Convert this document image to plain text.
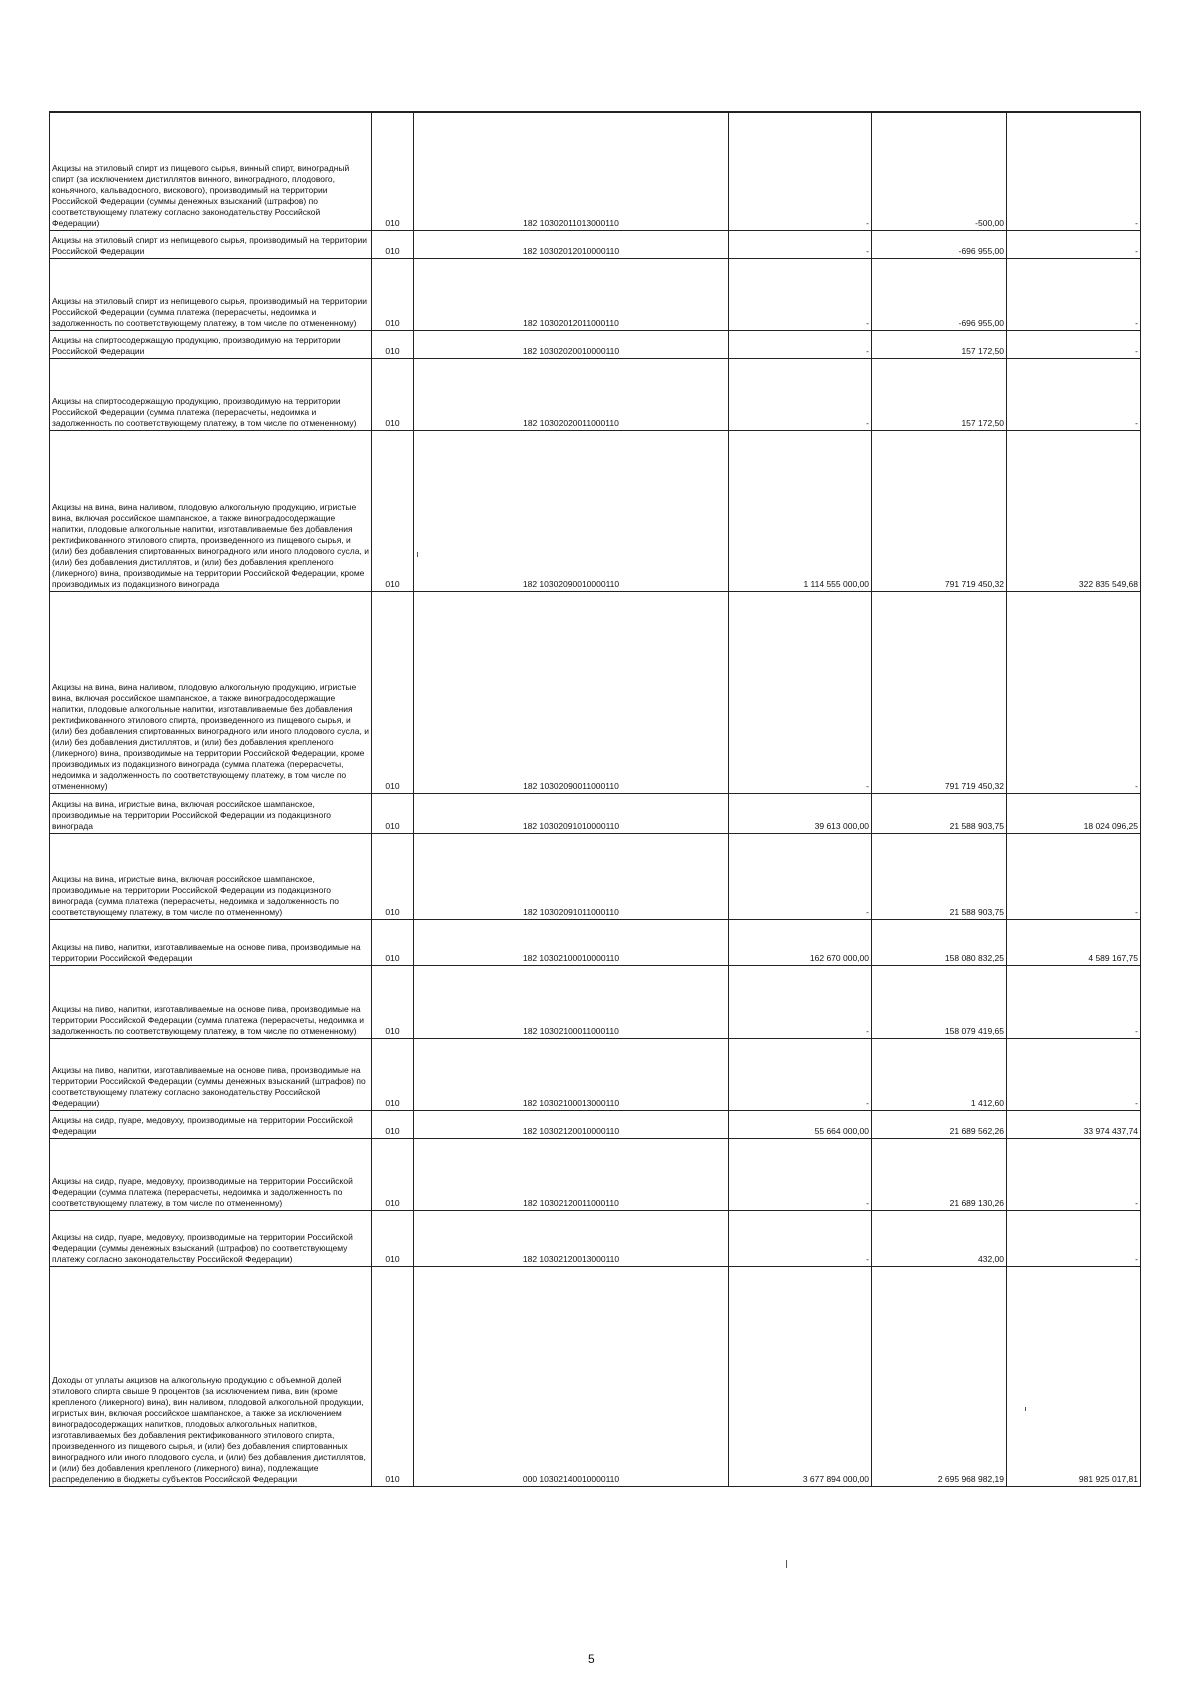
Акцизы на этиловый спирт из пищевого сырья, винный спирт, виноградный спирт (за исключением дистиллятов винного, виноградного, плодового, коньячного, кальвадосного, вискового), производимый на территории Российской Федерации (суммы денежных взысканий (штрафов) по соответствующему платежу согласно законодательству Российской Федерации)	010	182 10302011013000110	-	-500,00	-
Акцизы на этиловый спирт из непищевого сырья, производимый на территории Российской Федерации	010	182 10302012010000110	-	-696 955,00	-
Акцизы на этиловый спирт из непищевого сырья, производимый на территории Российской Федерации (сумма платежа (перерасчеты, недоимка и задолженность по соответствующему платежу, в том числе по отмененному)	010	182 10302012011000110	-	-696 955,00	-
Акцизы на спиртосодержащую продукцию, производимую на территории Российской Федерации	010	182 10302020010000110	-	157 172,50	-
Акцизы на спиртосодержащую продукцию, производимую на территории Российской Федерации (сумма платежа (перерасчеты, недоимка и задолженность по соответствующему платежу, в том числе по отмененному)	010	182 10302020011000110	-	157 172,50	-
Акцизы на вина, вина наливом, плодовую алкогольную продукцию, игристые вина, включая российское шампанское, а также виноградосодержащие напитки, плодовые алкогольные напитки, изготавливаемые без добавления ректификованного этилового спирта, произведенного из пищевого сырья, и (или) без добавления спиртованных виноградного или иного плодового сусла, и (или) без добавления дистиллятов, и (или) без добавления крепленого (ликерного) вина, производимые на территории Российской Федерации, кроме производимых из подакцизного винограда	010	182 10302090010000110	1 114 555 000,00	791 719 450,32	322 835 549,68
Акцизы на вина, вина наливом, плодовую алкогольную продукцию, игристые вина, включая российское шампанское, а также виноградосодержащие напитки, плодовые алкогольные напитки, изготавливаемые без добавления ректификованного этилового спирта, произведенного из пищевого сырья, и (или) без добавления спиртованных виноградного или иного плодового сусла, и (или) без добавления дистиллятов, и (или) без добавления крепленого (ликерного) вина, производимые на территории Российской Федерации, кроме производимых из подакцизного винограда (сумма платежа (перерасчеты, недоимка и задолженность по соответствующему платежу, в том числе по отмененному)	010	182 10302090011000110	-	791 719 450,32	-
Акцизы на вина, игристые вина, включая российское шампанское, производимые на территории Российской Федерации из подакцизного винограда	010	182 10302091010000110	39 613 000,00	21 588 903,75	18 024 096,25
Акцизы на вина, игристые вина, включая российское шампанское, производимые на территории Российской Федерации из подакцизного винограда (сумма платежа (перерасчеты, недоимка и задолженность по соответствующему платежу, в том числе по отмененному)	010	182 10302091011000110	-	21 588 903,75	-
Акцизы на пиво, напитки, изготавливаемые на основе пива, производимые на территории Российской Федерации	010	182 10302100010000110	162 670 000,00	158 080 832,25	4 589 167,75
Акцизы на пиво, напитки, изготавливаемые на основе пива, производимые на территории Российской Федерации (сумма платежа (перерасчеты, недоимка и задолженность по соответствующему платежу, в том числе по отмененному)	010	182 10302100011000110	-	158 079 419,65	-
Акцизы на пиво, напитки, изготавливаемые на основе пива, производимые на территории Российской Федерации (суммы денежных взысканий (штрафов) по соответствующему платежу согласно законодательству Российской Федерации)	010	182 10302100013000110	-	1 412,60	-
Акцизы на сидр, пуаре, медовуху, производимые на территории Российской Федерации	010	182 10302120010000110	55 664 000,00	21 689 562,26	33 974 437,74
Акцизы на сидр, пуаре, медовуху, производимые на территории Российской Федерации (сумма платежа (перерасчеты, недоимка и задолженность по соответствующему платежу, в том числе по отмененному)	010	182 10302120011000110	-	21 689 130,26	-
Акцизы на сидр, пуаре, медовуху, производимые на территории Российской Федерации (суммы денежных взысканий (штрафов) по соответствующему платежу согласно законодательству Российской Федерации)	010	182 10302120013000110	-	432,00	-
Доходы от уплаты акцизов на алкогольную продукцию с объемной долей этилового спирта свыше 9 процентов (за исключением пива, вин (кроме крепленого (ликерного) вина), вин наливом, плодовой алкогольной продукции, игристых вин, включая российское шампанское, а также за исключением виноградосодержащих напитков, плодовых алкогольных напитков, изготавливаемых без добавления ректификованного этилового спирта, произведенного из пищевого сырья, и (или) без добавления спиртованных виноградного или иного плодового сусла, и (или) без добавления дистиллятов, и (или) без добавления крепленого (ликерного) вина), подлежащие распределению в бюджеты субъектов Российской Федерации	010	000 10302140010000110	3 677 894 000,00	2 695 968 982,19	981 925 017,81
5
